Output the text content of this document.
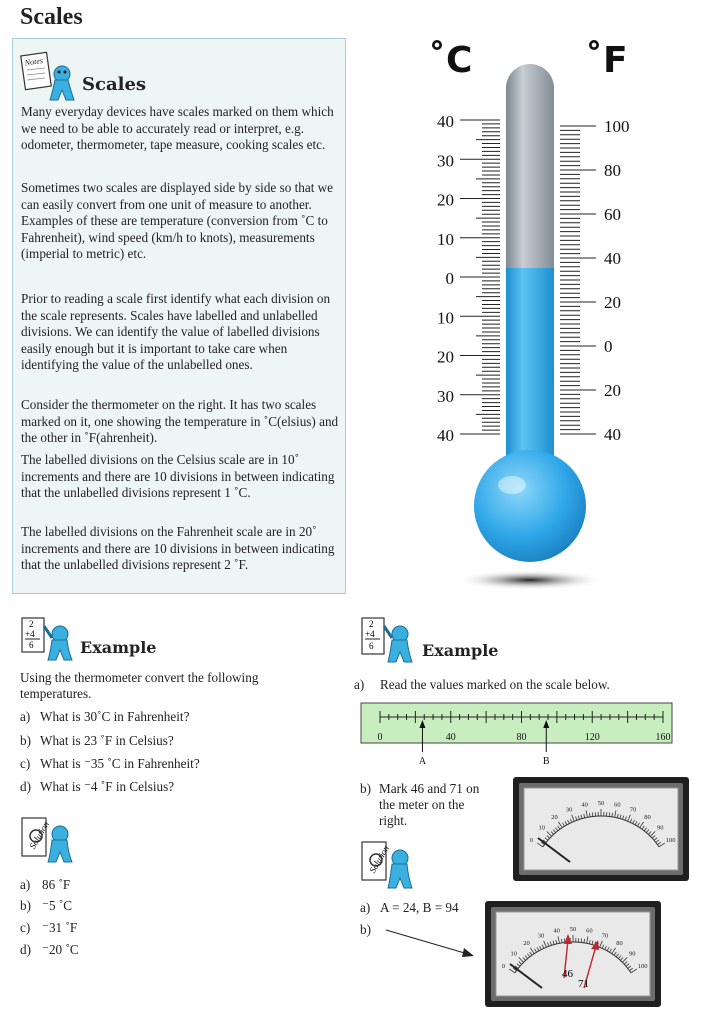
Scales
Notes
Scales
Many everyday devices have scales marked on them which we need to be able to accurately read or interpret, e.g. odometer, thermometer, tape measure, cooking scales etc.
Sometimes two scales are displayed side by side so that we can easily convert from one unit of measure to another. Examples of these are temperature (conversion from ˚C to Fahrenheit), wind speed (km/h to knots), measurements (imperial to metric) etc.
Prior to reading a scale first identify what each division on the scale represents. Scales have labelled and unlabelled divisions. We can identify the value of labelled divisions easily enough but it is important to take care when identifying the value of the unlabelled ones.
Consider the thermometer on the right. It has two scales marked on it, one showing the temperature in ˚C(elsius) and the other in ˚F(ahrenheit).
The labelled divisions on the Celsius scale are in 10˚ increments and there are 10 divisions in between indicating that the unlabelled divisions represent 1 ˚C.
The labelled divisions on the Fahrenheit scale are in 20˚ increments and there are 10 divisions in between indicating that the unlabelled divisions represent 2 ˚F.
˚C	˚F
40
30
20
10
0
10
20
30
40
100
80
60
40
20
0
20
40
2
+4
6	Example
Using the thermometer convert the following
temperatures.
a) What is 30˚C in Fahrenheit?
b) What is 23 ˚F in Celsius?
c) What is ⁻35 ˚C in Fahrenheit?
d) What is ⁻4 ˚F in Celsius?
Solution
a) 86 ˚F
b) ⁻5 ˚C
c) ⁻31 ˚F
d) ⁻20 ˚C
2
+4
6	Example
a) Read the values marked on the scale below.
0	40	80	120	160
A	B
b) Mark 46 and 71 on
the meter on the
right.
0
10
20
30
40 50 60
70
80
90
100
Solution
a) A = 24, B = 94
b)
0
10
20
30
40 50 60
70
80
90
100
46
71
